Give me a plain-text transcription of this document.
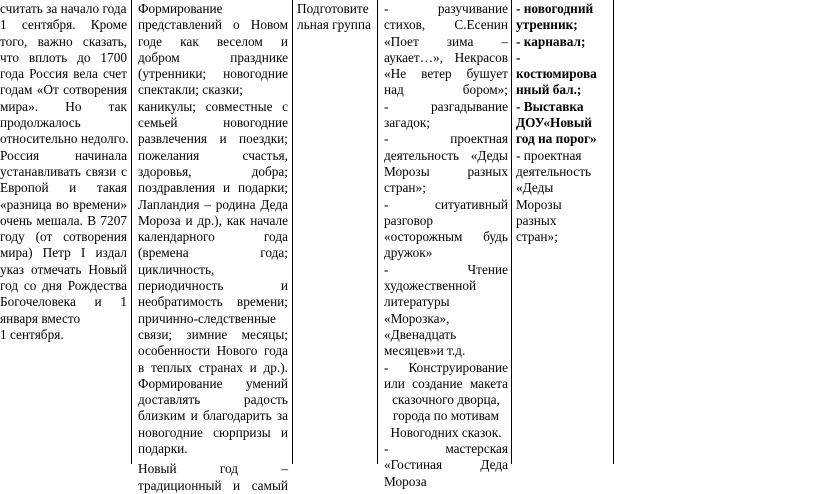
считать за начало года
1 сентября. Кроме
того, важно сказать,
что вплоть до 1700
года Россия вела счет
годам «От сотворения
мира». Но так
продолжалось
относительно недолго.
Россия начинала
устанавливать связи с
Европой и такая
«разница во времени»
очень мешала. В 7207
году (от сотворения
мира) Петр I издал
указ отмечать Новый
год со дня Рождества
Богочеловека и 1
января вместо
1 сентября.
Формирование
представлений о Новом
годе как веселом и
добром празднике
(утренники; новогодние
спектакли; сказки;
каникулы; совместные с
семьей новогодние
развлечения и поездки;
пожелания счастья,
здоровья, добра;
поздравления и подарки;
Лапландия – родина Деда
Мороза и др.), как начале
календарного года
(времена года;
цикличность,
периодичность и
необратимость времени;
причинно-следственные
связи; зимние месяцы;
особенности Нового года
в теплых странах и др.).
Формирование умений
доставлять радость
близким и благодарить за
новогодние сюрпризы и
подарки.
Новый год –
традиционный и самый
Подготовите
льная группа
- разучивание
стихов, С.Есенин
«Поет зима –
аукает…», Некрасов
«Не ветер бушует
над бором»;
- разгадывание
загадок;
- проектная
деятельность «Деды
Морозы разных
стран»;
- ситуативный
разговор
«осторожным будь
дружок»
- Чтение
художественной
литературы
«Морозка»,
«Двенадцать
месяцев»и т.д.
- Конструирование
или создание макета
сказочного дворца,
города по мотивам
Новогодних сказок.
- мастерская
«Гостиная Деда
Мороза
- новогодний
утренник;
- карнавал;
-
костюмирова
нный бал.;
- Выставка
ДОУ«Новый
год на порог»
- проектная
деятельность
«Деды
Морозы
разных
стран»;
